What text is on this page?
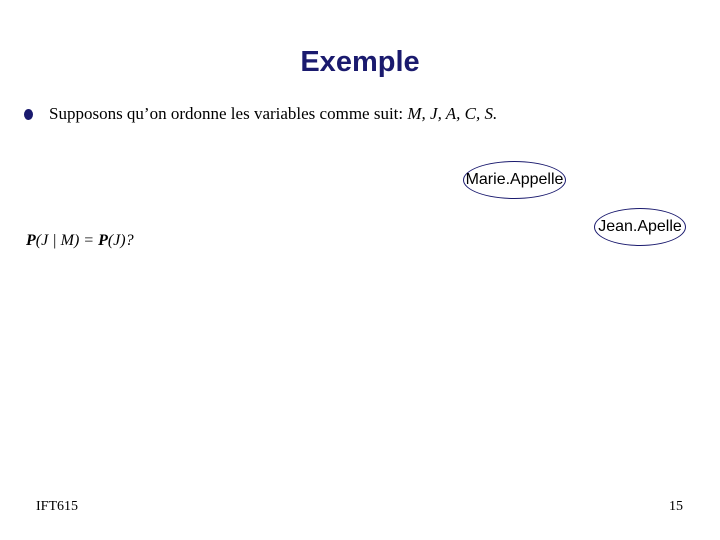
Exemple
Supposons qu’on ordonne les variables comme suit: M, J, A, C, S.
Marie.Appelle
Jean.Apelle
P(J | M) = P(J)?
IFT615	15
